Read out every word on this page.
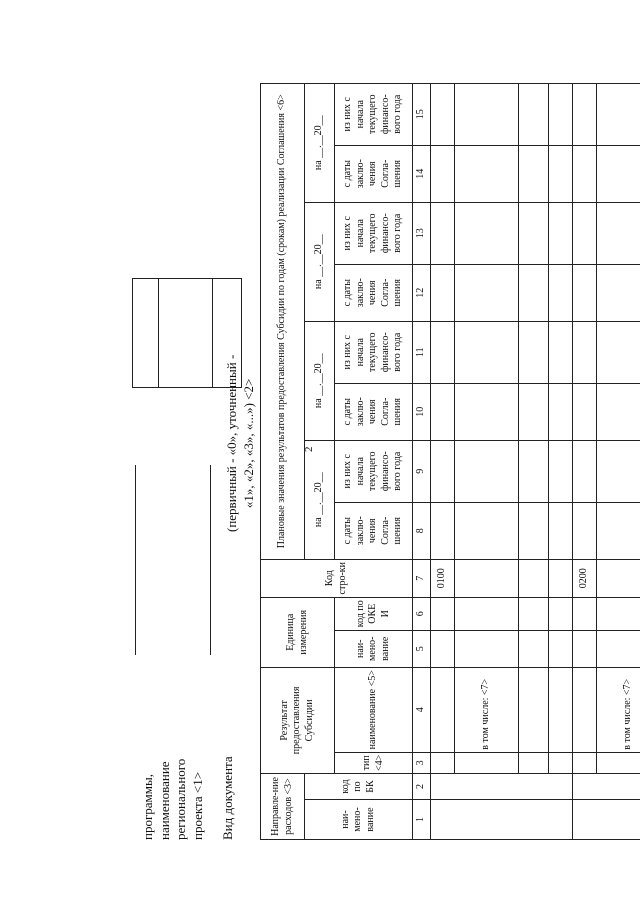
2
программы, наименование регионального проекта <1> Вид документа
(первичный - «0», уточненный - «1», «2», «3», «...») <2>
Направле-ние расходов <3>		Результат предоставления Субсидии		Единица измерения		Код стро-ки	Плановые значения результатов предоставления Субсидии по годам (срокам) реализации Соглашения <6>							
наи-мено-вание	код по БК						на __.__20__		на __.__20__		на __.__20__		на __.__20__	
		тип <4>	наименование <5>	наи-мено-вание	код по ОКЕ И		с даты заклю-чения Согла-шения	из них с начала текущего финансо-вого года	с даты заклю-чения Согла-шения	из них с начала текущего финансо-вого года	с даты заклю-чения Согла-шения	из них с начала текущего финансо-вого года	с даты заклю-чения Согла-шения	из них с начала текущего финансо-вого года
1	2	3	4	5	6	7	8	9	10	11	12	13	14	15
						0100								
			в том числе: <7>											

						0200								
			в том числе: <7>											
